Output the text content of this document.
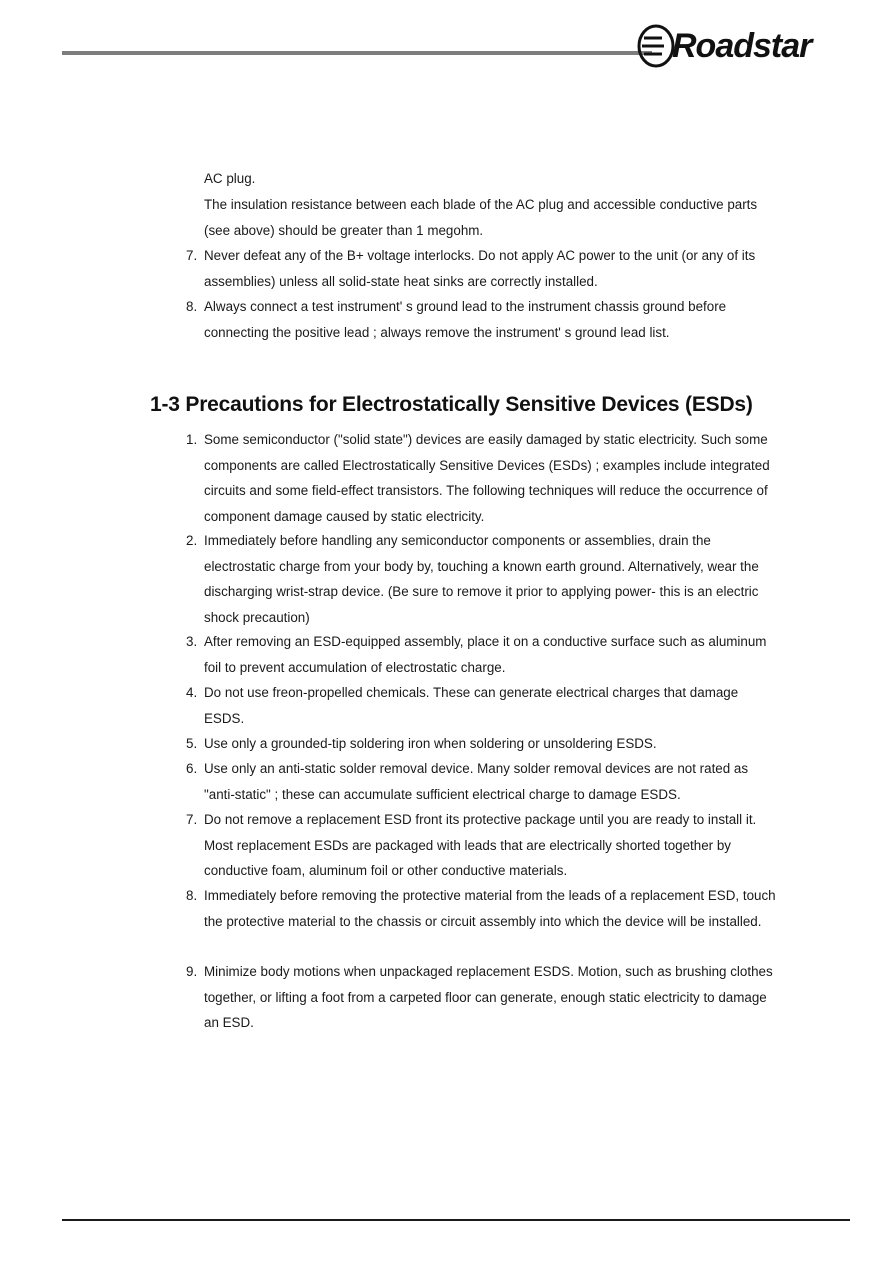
Roadstar
AC plug.
The insulation resistance between each blade of the AC plug and accessible conductive parts (see above) should be greater than 1 megohm.
7. Never defeat any of the B+ voltage interlocks. Do not apply AC power to the unit (or any of its assemblies) unless all solid-state heat sinks are correctly installed.
8. Always connect a test instrument' s ground lead to the instrument chassis ground before connecting the positive lead ; always remove the instrument' s ground lead list.
1-3 Precautions for Electrostatically Sensitive Devices (ESDs)
1. Some semiconductor ("solid state") devices are easily damaged by static electricity. Such some components are called Electrostatically Sensitive Devices (ESDs) ; examples include integrated circuits and some field-effect transistors. The following techniques will reduce the occurrence of component damage caused by static electricity.
2. Immediately before handling any semiconductor components or assemblies, drain the electrostatic charge from your body by, touching a known earth ground. Alternatively, wear the discharging wrist-strap device. (Be sure to remove it prior to applying power- this is an electric shock precaution)
3. After removing an ESD-equipped assembly, place it on a conductive surface such as aluminum foil to prevent accumulation of electrostatic charge.
4. Do not use freon-propelled chemicals. These can generate electrical charges that damage ESDS.
5. Use only a grounded-tip soldering iron when soldering or unsoldering ESDS.
6. Use only an anti-static solder removal device. Many solder removal devices are not rated as "anti-static" ; these can accumulate sufficient electrical charge to damage ESDS.
7. Do not remove a replacement ESD front its protective package until you are ready to install it. Most replacement ESDs are packaged with leads that are electrically shorted together by conductive foam, aluminum foil or other conductive materials.
8. Immediately before removing the protective material from the leads of a replacement ESD, touch the protective material to the chassis or circuit assembly into which the device will be installed.
9. Minimize body motions when unpackaged replacement ESDS. Motion, such as brushing clothes together, or lifting a foot from a carpeted floor can generate, enough static electricity to damage an ESD.
